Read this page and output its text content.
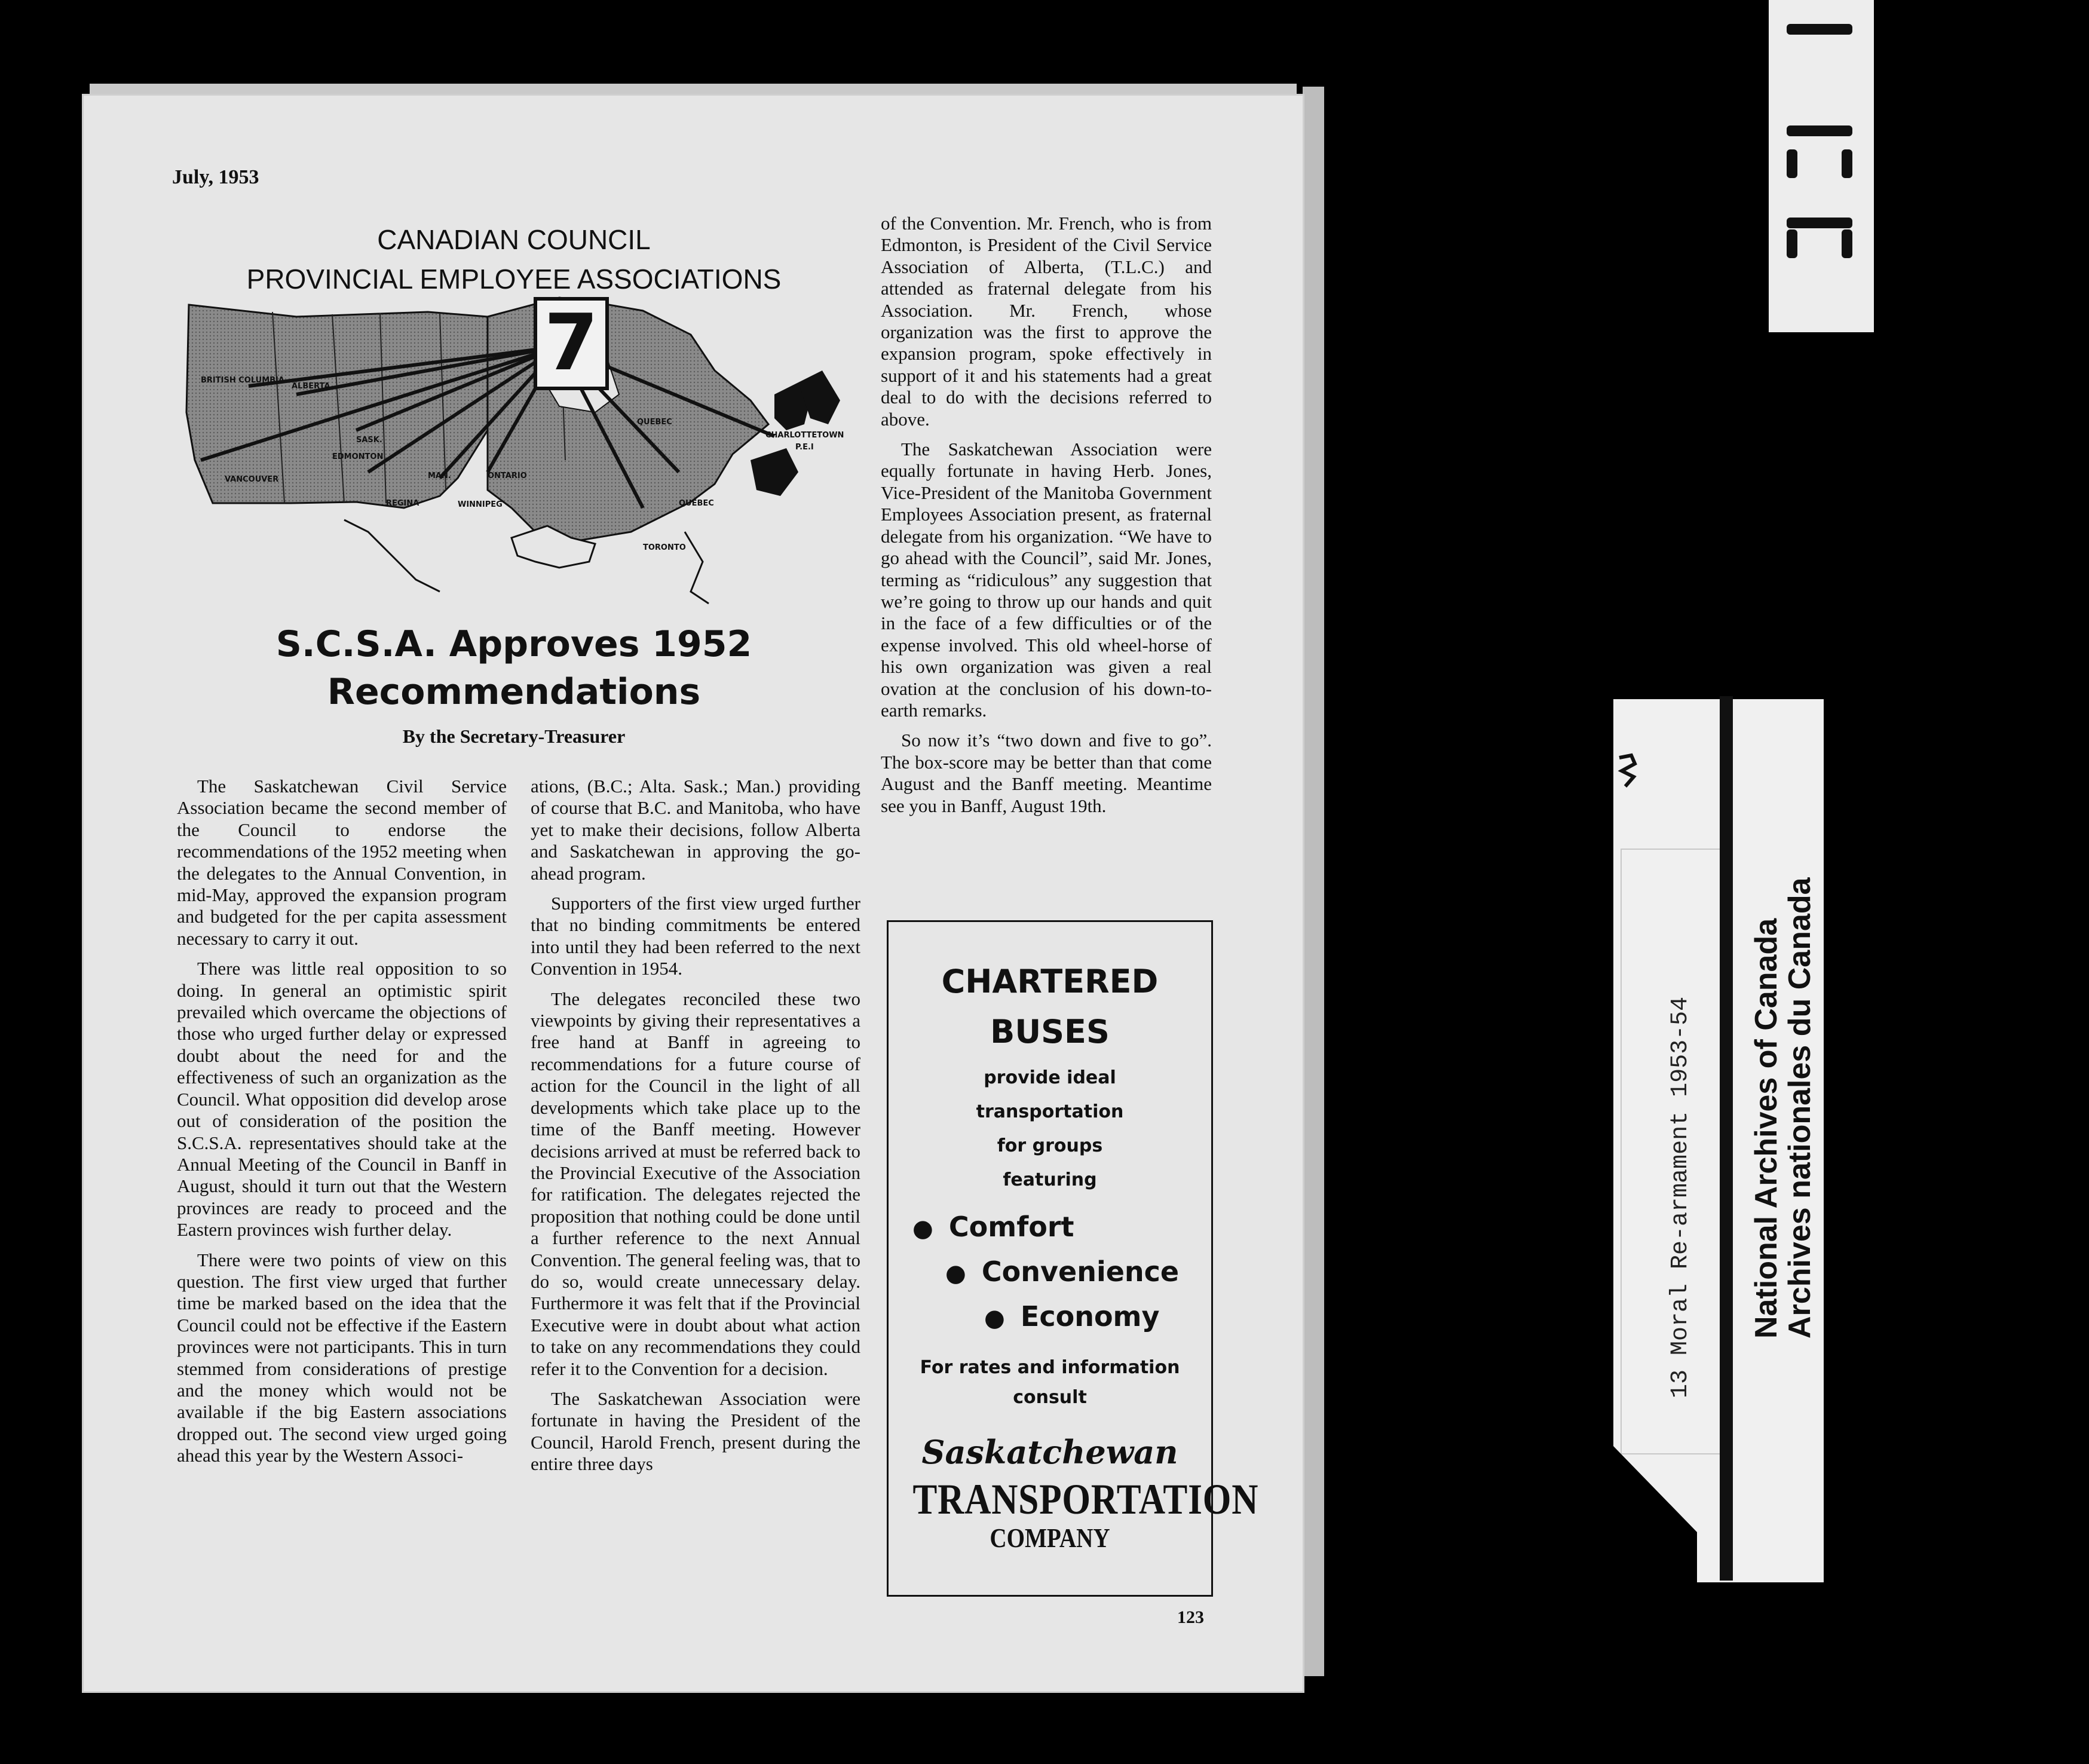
July, 1953
CANADIAN COUNCIL
PROVINCIAL EMPLOYEE ASSOCIATIONS
7
BRITISH COLUMBIA
ALBERTA
SASK.
EDMONTON
VANCOUVER
REGINA
MAN.
WINNIPEG
ONTARIO
TORONTO
QUEBEC
QUEBEC
CHARLOTTETOWN
P.E.I
S.C.S.A. Approves 1952
Recommendations
By the Secretary-Treasurer

The Saskatchewan Civil Service Association became the second member of the Council to endorse the recommendations of the 1952 meeting when the delegates to the Annual Convention, in mid-May, approved the expansion program and budgeted for the per capita assessment necessary to carry it out.

There was little real opposition to so doing. In general an optimistic spirit prevailed which overcame the objections of those who urged further delay or expressed doubt about the need for and the effectiveness of such an organization as the Council. What opposition did develop arose out of consideration of the position the S.C.S.A. representatives should take at the Annual Meeting of the Council in Banff in August, should it turn out that the Western provinces are ready to proceed and the Eastern provinces wish further delay.

There were two points of view on this question. The first view urged that further time be marked based on the idea that the Council could not be effective if the Eastern provinces were not participants. This in turn stemmed from considerations of prestige and the money which would not be available if the big Eastern associations dropped out. The second view urged going ahead this year by the Western Associ-

ations, (B.C.; Alta. Sask.; Man.) providing of course that B.C. and Manitoba, who have yet to make their decisions, follow Alberta and Saskatchewan in approving the go-ahead program.

Supporters of the first view urged further that no binding commitments be entered into until they had been referred to the next Convention in 1954.

The delegates reconciled these two viewpoints by giving their representatives a free hand at Banff in agreeing to recommendations for a future course of action for the Council in the light of all developments which take place up to the time of the Banff meeting. However decisions arrived at must be referred back to the Provincial Executive of the Association for ratification. The delegates rejected the proposition that nothing could be done until a further reference to the next Annual Convention. The general feeling was, that to do so, would create unnecessary delay. Furthermore it was felt that if the Provincial Executive were in doubt about what action to take on any recommendations they could refer it to the Convention for a decision.

The Saskatchewan Association were fortunate in having the President of the Council, Harold French, present during the entire three days

of the Convention. Mr. French, who is from Edmonton, is President of the Civil Service Association of Alberta, (T.L.C.) and attended as fraternal delegate from his Association. Mr. French, whose organization was the first to approve the expansion program, spoke effectively in support of it and his statements had a great deal to do with the decisions referred to above.

The Saskatchewan Association were equally fortunate in having Herb. Jones, Vice-President of the Manitoba Government Employees Association present, as fraternal delegate from his organization. “We have to go ahead with the Council”, said Mr. Jones, terming as “ridiculous” any suggestion that we’re going to throw up our hands and quit in the face of a few difficulties or of the expense involved. This old wheel-horse of his own organization was given a real ovation at the conclusion of his down-to-earth remarks.

So now it’s “two down and five to go”. The box-score may be better than that come August and the Banff meeting. Meantime see you in Banff, August 19th.

CHARTERED
BUSES
provide ideal
transportation
for groups
featuring
● Comfort
● Convenience
● Economy
For rates and information
consult
Saskatchewan
TRANSPORTATION
COMPANY
123
13 Moral Re-armament 1953-54 National Archives of Canada
Archives nationales du Canada
